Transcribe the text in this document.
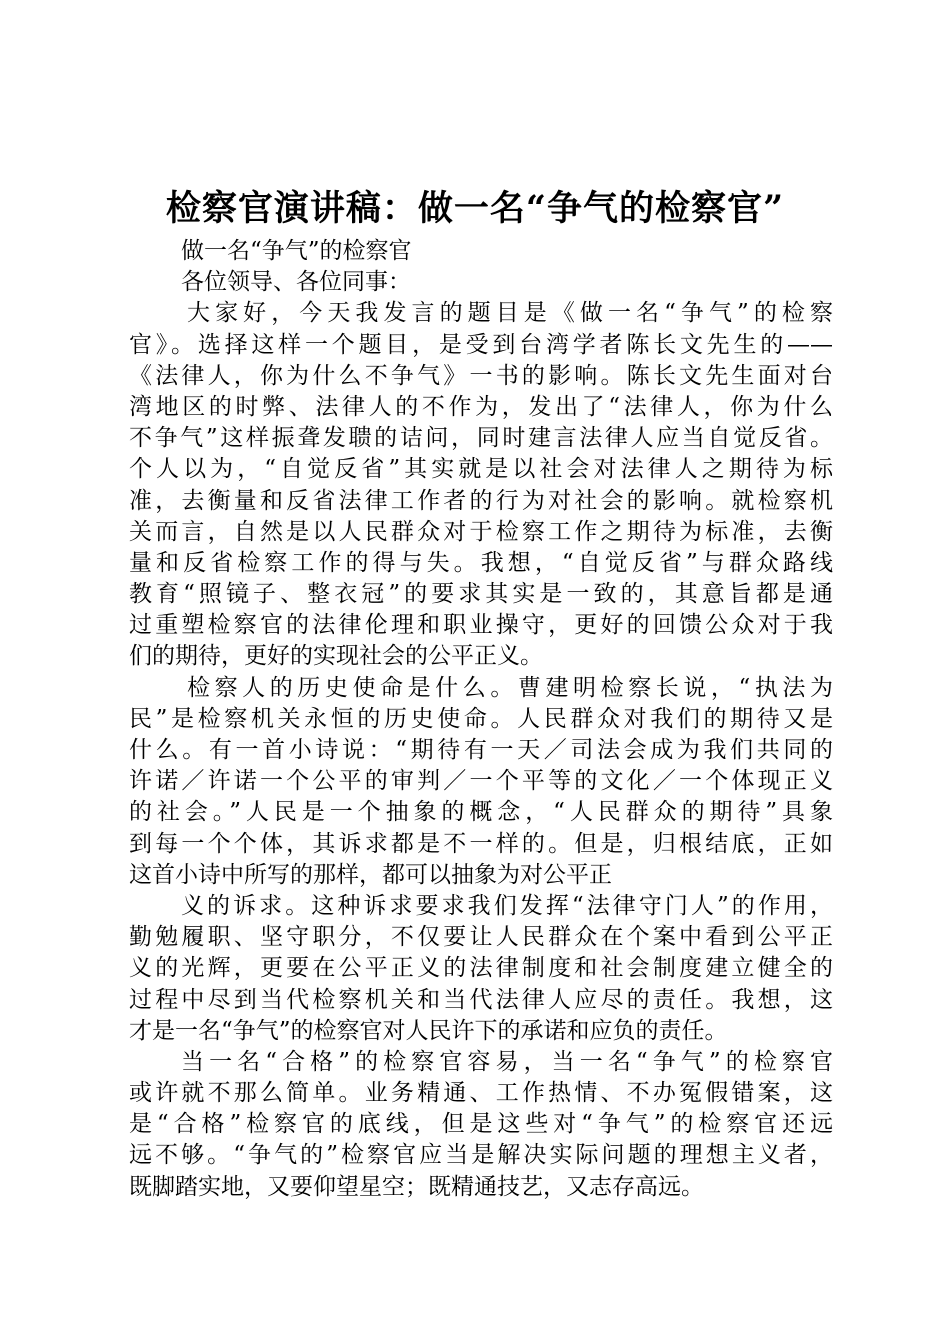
检察官演讲稿：做一名“争气的检察官”
做一名“争气”的检察官
各位领导、各位同事：
大家好，今天我发言的题目是《做一名“争气”的检察
官》。选择这样一个题目，是受到台湾学者陈长文先生的——
《法律人，你为什么不争气》一书的影响。陈长文先生面对台
湾地区的时弊、法律人的不作为，发出了“法律人，你为什么
不争气”这样振聋发聩的诘问，同时建言法律人应当自觉反省。
个人以为，“自觉反省”其实就是以社会对法律人之期待为标
准，去衡量和反省法律工作者的行为对社会的影响。就检察机
关而言，自然是以人民群众对于检察工作之期待为标准，去衡
量和反省检察工作的得与失。我想，“自觉反省”与群众路线
教育“照镜子、整衣冠”的要求其实是一致的，其意旨都是通
过重塑检察官的法律伦理和职业操守，更好的回馈公众对于我
们的期待，更好的实现社会的公平正义。
检察人的历史使命是什么。曹建明检察长说，“执法为
民”是检察机关永恒的历史使命。人民群众对我们的期待又是
什么。有一首小诗说：“期待有一天／司法会成为我们共同的
许诺／许诺一个公平的审判／一个平等的文化／一个体现正义
的社会。”人民是一个抽象的概念，“人民群众的期待”具象
到每一个个体，其诉求都是不一样的。但是，归根结底，正如
这首小诗中所写的那样，都可以抽象为对公平正
义的诉求。这种诉求要求我们发挥“法律守门人”的作用，
勤勉履职、坚守职分，不仅要让人民群众在个案中看到公平正
义的光辉，更要在公平正义的法律制度和社会制度建立健全的
过程中尽到当代检察机关和当代法律人应尽的责任。我想，这
才是一名“争气”的检察官对人民许下的承诺和应负的责任。
当一名“合格”的检察官容易，当一名“争气”的检察官
或许就不那么简单。业务精通、工作热情、不办冤假错案，这
是“合格”检察官的底线，但是这些对“争气”的检察官还远
远不够。“争气的”检察官应当是解决实际问题的理想主义者，
既脚踏实地，又要仰望星空；既精通技艺，又志存高远。
